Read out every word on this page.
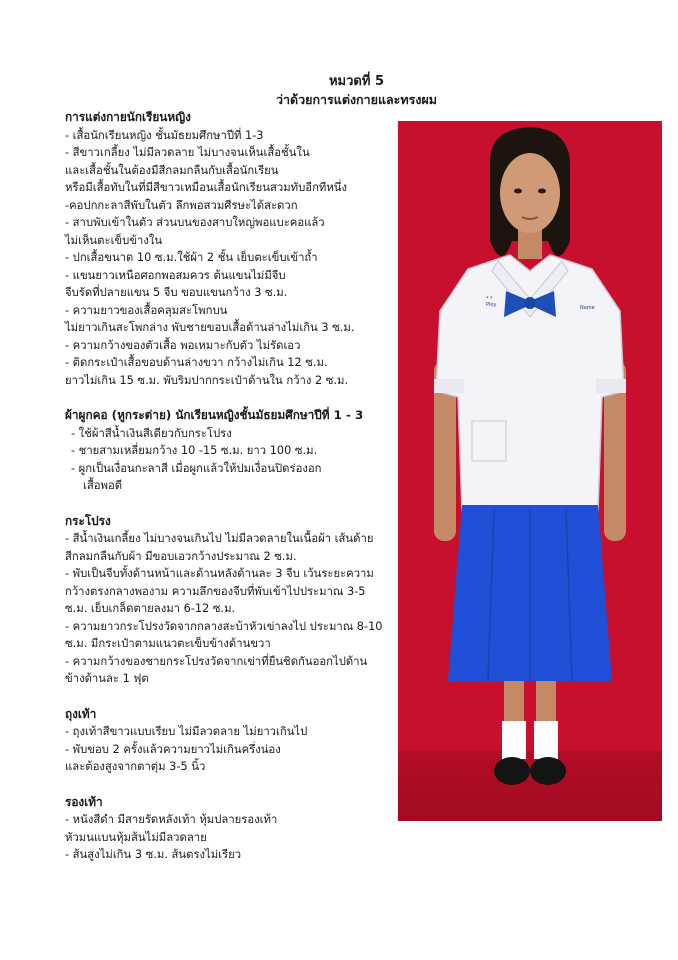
หมวดที่ 5
ว่าด้วยการแต่งกายและทรงผม
* *
Ploy	Name
การแต่งกายนักเรียนหญิง
- เสื้อนักเรียนหญิง ชั้นมัธยมศึกษาปีที่ 1-3
- สีขาวเกลี้ยง ไม่มีลวดลาย ไม่บางจนเห็นเสื้อชั้นใน
และเสื้อชั้นในต้องมีสีกลมกลืนกับเสื้อนักเรียน
หรือมีเสื้อทับในที่มีสีขาวเหมือนเสื้อนักเรียนสวมทับอีกทีหนึ่ง
-คอปกกะลาสีพับในตัว ลึกพอสวมศีรษะได้สะดวก
- สาบพับเข้าในตัว ส่วนบนของสาบใหญ่พอแบะคอแล้ว
ไม่เห็นตะเข็บข้างใน
- ปกเสื้อขนาด 10 ซ.ม.ใช้ผ้า 2 ชั้น เย็บตะเข็บเข้าถ้ำ
- แขนยาวเหนือศอกพอสมควร ต้นแขนไม่มีจีบ
จีบรัดที่ปลายแขน 5 จีบ ขอบแขนกว้าง 3 ซ.ม.
- ความยาวของเสื้อคลุมสะโพกบน
ไม่ยาวเกินสะโพกล่าง พับชายขอบเสื้อด้านล่างไม่เกิน 3 ซ.ม.
- ความกว้างของตัวเสื้อ พอเหมาะกับตัว ไม่รัดเอว
- ติดกระเป๋าเสื้อขอบด้านล่างขวา กว้างไม่เกิน 12 ซ.ม.
ยาวไม่เกิน 15 ซ.ม. พับริมปากกระเป๋าด้านใน กว้าง 2 ซ.ม.
ผ้าผูกคอ (หูกระต่าย) นักเรียนหญิงชั้นมัธยมศึกษาปีที่ 1 - 3
- ใช้ผ้าสีน้ำเงินสีเดียวกับกระโปรง
- ชายสามเหลี่ยมกว้าง 10 -15 ซ.ม. ยาว 100 ซ.ม.
- ผูกเป็นเงื่อนกะลาสี เมื่อผูกแล้วให้ปมเงื่อนปิดร่องอก
เสื้อพอดี
กระโปรง
- สีน้ำเงินเกลี้ยง ไม่บางจนเกินไป ไม่มีลวดลายในเนื้อผ้า เส้นด้าย
สีกลมกลืนกับผ้า มีขอบเอวกว้างประมาณ 2 ซ.ม.
- พับเป็นจีบทั้งด้านหน้าและด้านหลังด้านละ 3 จีบ เว้นระยะความ
กว้างตรงกลางพองาม ความลึกของจีบที่พับเข้าไปประมาณ 3-5
ซ.ม. เย็บเกล็ดตายลงมา 6-12 ซ.ม.
- ความยาวกระโปรงวัดจากกลางสะบ้าหัวเข่าลงไป ประมาณ 8-10
ซ.ม. มีกระเป๋าตามแนวตะเข็บข้างด้านขวา
- ความกว้างของชายกระโปรงวัดจากเข่าที่ยืนชิดกันออกไปด้าน
ข้างด้านละ 1 ฟุต
ถุงเท้า
- ถุงเท้าสีขาวแบบเรียบ ไม่มีลวดลาย ไม่ยาวเกินไป
- พับขอบ 2 ครั้งแล้วความยาวไม่เกินครึ่งน่อง
และต้องสูงจากตาตุ่ม 3-5 นิ้ว
รองเท้า
- หนังสีดำ มีสายรัดหลังเท้า หุ้มปลายรองเท้า
หัวมนแบนหุ้มส้นไม่มีลวดลาย
- ส้นสูงไม่เกิน 3 ซ.ม. ส้นตรงไม่เรียว
